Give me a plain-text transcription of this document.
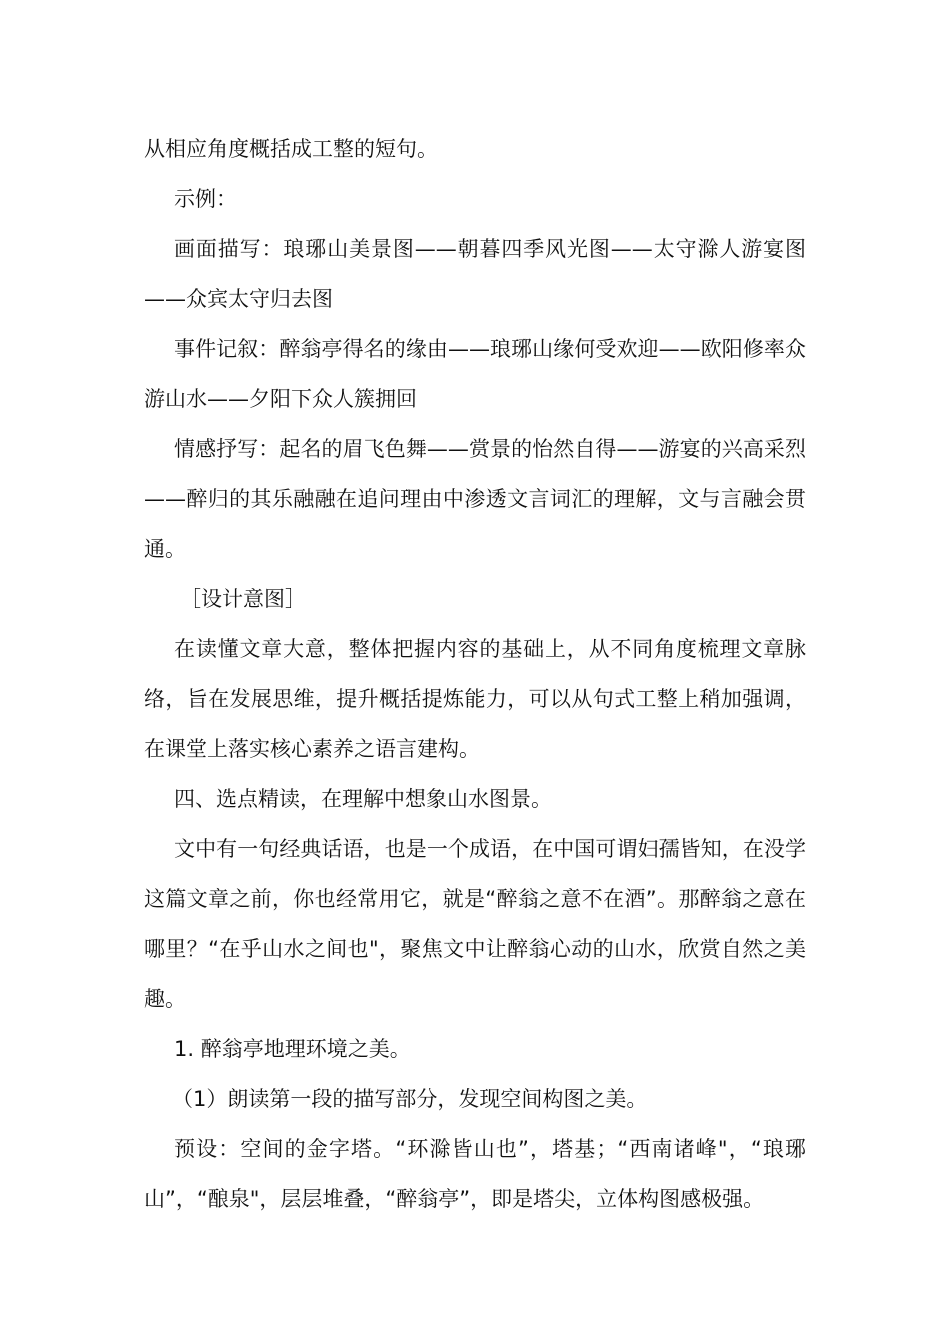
从相应角度概括成工整的短句。

示例：

画面描写：琅琊山美景图——朝暮四季风光图——太守滁人游宴图——众宾太守归去图

事件记叙：醉翁亭得名的缘由——琅琊山缘何受欢迎——欧阳修率众游山水——夕阳下众人簇拥回

情感抒写：起名的眉飞色舞——赏景的怡然自得——游宴的兴高采烈——醉归的其乐融融在追问理由中渗透文言词汇的理解，文与言融会贯通。

［设计意图］

在读懂文章大意，整体把握内容的基础上，从不同角度梳理文章脉络，旨在发展思维，提升概括提炼能力，可以从句式工整上稍加强调，在课堂上落实核心素养之语言建构。

四、选点精读，在理解中想象山水图景。

文中有一句经典话语，也是一个成语，在中国可谓妇孺皆知，在没学这篇文章之前，你也经常用它，就是“醉翁之意不在酒”。那醉翁之意在哪里？“在乎山水之间也"，聚焦文中让醉翁心动的山水，欣赏自然之美趣。

1. 醉翁亭地理环境之美。

（1）朗读第一段的描写部分，发现空间构图之美。

预设：空间的金字塔。“环滁皆山也”，塔基；“西南诸峰"，“琅琊山”，“酿泉"，层层堆叠，“醉翁亭”，即是塔尖，立体构图感极强。
